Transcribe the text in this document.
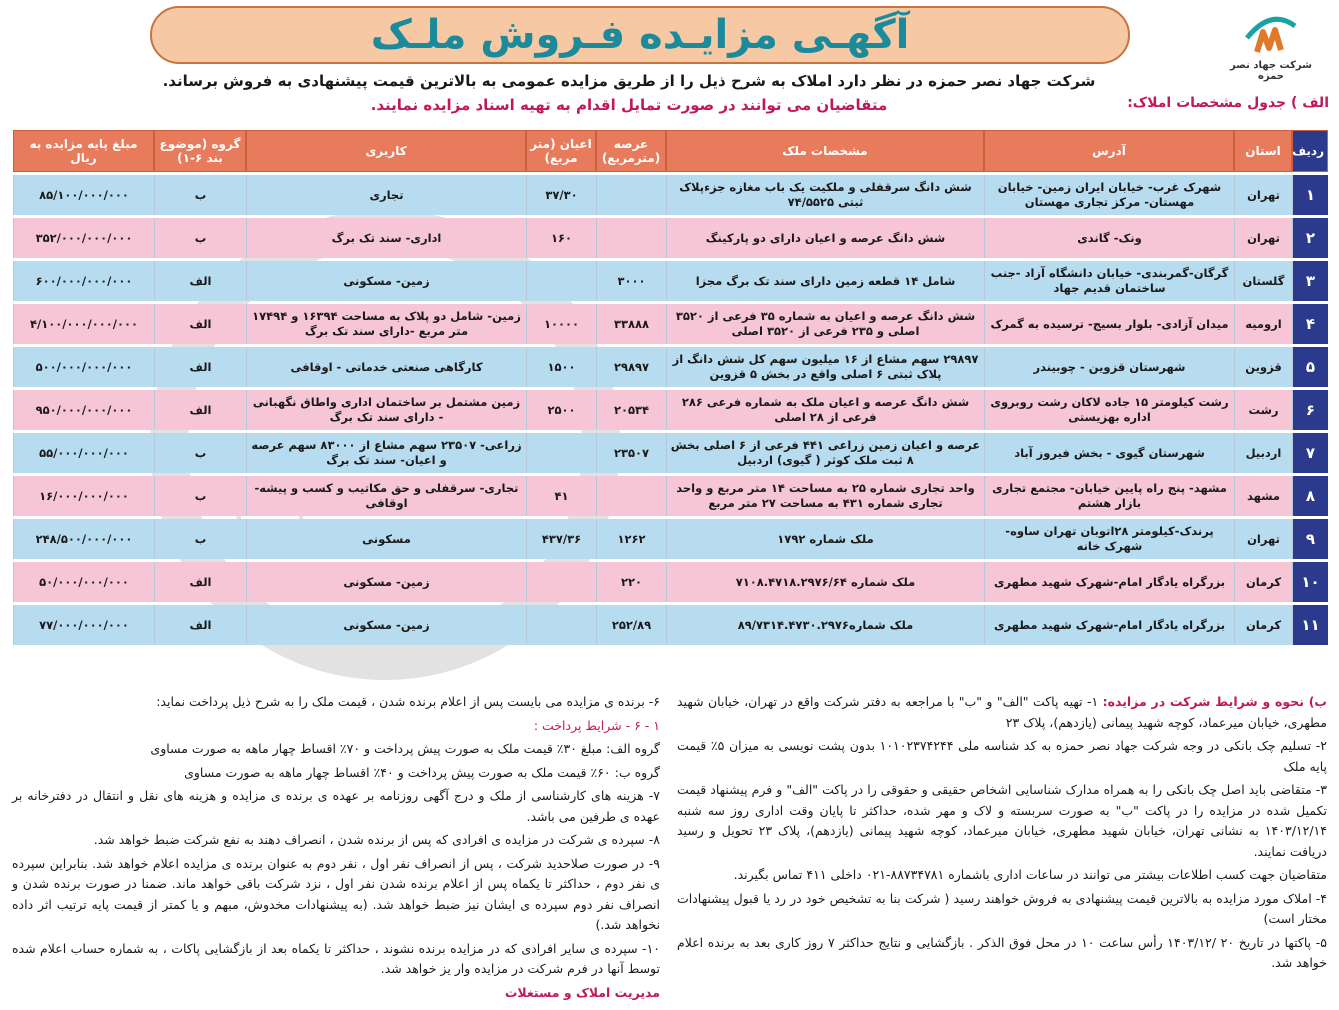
شرکت جهاد نصر حمزه
آگهـی مزایـده فـروش ملـک
شرکت جهاد نصر حمزه در نظر دارد املاک به شرح ذیل را از طریق مزایده عمومی به بالاترین قیمت پیشنهادی به فروش برساند.
متقاضیان می توانند در صورت تمایل اقدام به تهیه اسناد مزایده نمایند.	الف ) جدول مشخصات املاک:
ردیف	استان	آدرس	مشخصات ملک	عرصه (مترمربع)	اعیان (متر مربع)	کاربری	گروه (موضوع بند ۶-۱)	مبلغ پایه مزایده به ریال
۱	تهران	شهرک غرب- خیابان ایران زمین- خیابان مهستان- مرکز تجاری مهستان	شش دانگ سرقفلی و ملکیت یک باب مغازه جزءپلاک ثبتی ۷۴/۵۵۲۵		۳۷/۳۰	تجاری	ب	۸۵/۱۰۰/۰۰۰/۰۰۰
۲	تهران	ونک- گاندی	شش دانگ عرصه و اعیان دارای دو پارکینگ		۱۶۰	اداری- سند تک برگ	ب	۳۵۲/۰۰۰/۰۰۰/۰۰۰
۳	گلستان	گرگان-گمربندی- خیابان دانشگاه آزاد -جنب ساختمان قدیم جهاد	شامل ۱۴ قطعه زمین دارای سند تک برگ مجزا	۳۰۰۰		زمین- مسکونی	الف	۶۰۰/۰۰۰/۰۰۰/۰۰۰
۴	ارومیه	میدان آزادی- بلوار بسیج- ترسیده به گمرک	شش دانگ عرصه و اعیان به شماره ۳۵ فرعی از ۳۵۲۰ اصلی و ۲۳۵ فرعی از ۳۵۲۰ اصلی	۳۳۸۸۸	۱۰۰۰۰	زمین- شامل دو پلاک به مساحت ۱۶۳۹۴ و ۱۷۴۹۴ متر مربع -دارای سند تک برگ	الف	۴/۱۰۰/۰۰۰/۰۰۰/۰۰۰
۵	قزوین	شهرستان قزوین - چوبیندر	۲۹۸۹۷ سهم مشاع از ۱۶ میلیون سهم کل شش دانگ از پلاک ثبتی ۶ اصلی واقع در بخش ۵ قزوین	۲۹۸۹۷	۱۵۰۰	کارگاهی صنعتی خدماتی - اوقافی	الف	۵۰۰/۰۰۰/۰۰۰/۰۰۰
۶	رشت	رشت کیلومتر ۱۵ جاده لاکان رشت روبروی اداره بهزیستی	شش دانگ عرصه و اعیان ملک به شماره فرعی ۲۸۶ فرعی از ۲۸ اصلی	۲۰۵۳۴	۲۵۰۰	زمین مشتمل بر ساختمان اداری واطاق نگهبانی - دارای سند تک برگ	الف	۹۵۰/۰۰۰/۰۰۰/۰۰۰
۷	اردبیل	شهرستان گیوی - بخش فیروز آباد	عرصه و اعیان زمین زراعی ۴۴۱ فرعی از ۶ اصلی بخش ۸ ثبت ملک کوثر ( گیوی) اردبیل	۲۳۵۰۷		زراعی- ۲۳۵۰۷ سهم مشاع از ۸۳۰۰۰ سهم عرصه و اعیان- سند تک برگ	ب	۵۵/۰۰۰/۰۰۰/۰۰۰
۸	مشهد	مشهد- پنج راه پایین خیابان- مجتمع تجاری بازار هشتم	واحد تجاری شماره ۲۵ به مساحت ۱۴ متر مربع و واحد تجاری شماره ۴۳۱ به مساحت ۲۷ متر مربع		۴۱	تجاری- سرقفلی و حق مکاتیب و کسب و پیشه- اوقافی	ب	۱۶/۰۰۰/۰۰۰/۰۰۰
۹	تهران	پرندک-کیلومتر ۲۸اتوبان تهران ساوه- شهرک خانه	ملک شماره ۱۷۹۲	۱۲۶۲	۴۳۷/۳۶	مسکونی	ب	۲۴۸/۵۰۰/۰۰۰/۰۰۰
۱۰	کرمان	بزرگراه یادگار امام-شهرک شهید مطهری	ملک شماره ۷۱۰۸.۴۷۱۸.۲۹۷۶/۶۴	۲۲۰		زمین- مسکونی	الف	۵۰/۰۰۰/۰۰۰/۰۰۰
۱۱	کرمان	بزرگراه یادگار امام-شهرک شهید مطهری	ملک شماره۸۹/۷۳۱۴.۴۷۳۰.۲۹۷۶	۲۵۲/۸۹		زمین- مسکونی	الف	۷۷/۰۰۰/۰۰۰/۰۰۰

ب) نحوه و شرایط شرکت در مزایده: ۱- تهیه پاکت "الف" و "ب" با مراجعه به دفتر شرکت واقع در تهران، خیابان شهید مطهری، خیابان میرعماد، کوچه شهید پیمانی (یازدهم)، پلاک ۲۳

۲- تسلیم چک بانکی در وجه شرکت جهاد نصر حمزه به کد شناسه ملی ۱۰۱۰۲۳۷۴۲۴۴ بدون پشت نویسی به میزان ۵٪ قیمت پایه ملک

۳- متقاضی باید اصل چک بانکی را به همراه مدارک شناسایی اشخاص حقیقی و حقوقی را در پاکت "الف" و فرم پیشنهاد قیمت تکمیل شده در مزایده را در پاکت "ب" به صورت سربسته و لاک و مهر شده، حداکثر تا پایان وقت اداری روز سه شنبه ۱۴۰۳/۱۲/۱۴ به نشانی تهران، خیابان شهید مطهری، خیابان میرعماد، کوچه شهید پیمانی (یازدهم)، پلاک ۲۳ تحویل و رسید دریافت نمایند.

متقاضیان جهت کسب اطلاعات بیشتر می توانند در ساعات اداری باشماره ۸۸۷۳۴۷۸۱-۰۲۱ داخلی ۴۱۱ تماس بگیرند.

۴- املاک مورد مزایده به بالاترین قیمت پیشنهادی به فروش خواهند رسید ( شرکت بنا به تشخیص خود در رد یا قبول پیشنهادات مختار است)

۵- پاکتها در تاریخ ۲۰ /۱۴۰۳/۱۲ رأس ساعت ۱۰ در محل فوق الذکر . بازگشایی و نتایج حداکثر ۷ روز کاری بعد به برنده اعلام خواهد شد.

۶- برنده ی مزایده می بایست پس از اعلام برنده شدن ، قیمت ملک را به شرح ذیل پرداخت نماید:

۱ - ۶ - شرایط پرداخت :

گروه الف: مبلغ ۳۰٪ قیمت ملک به صورت پیش پرداخت و ۷۰٪ اقساط چهار ماهه به صورت مساوی

گروه ب: ۶۰٪ قیمت ملک به صورت پیش پرداخت و ۴۰٪ اقساط چهار ماهه به صورت مساوی

۷- هزینه های کارشناسی از ملک و درج آگهی روزنامه بر عهده ی برنده ی مزایده و هزینه های نقل و انتقال در دفترخانه بر عهده ی طرفین می باشد.

۸- سپرده ی شرکت در مزایده ی افرادی که پس از برنده شدن ، انصراف دهند به نفع شرکت ضبط خواهد شد.

۹- در صورت صلاحدید شرکت ، پس از انصراف نفر اول ، نفر دوم به عنوان برنده ی مزایده اعلام خواهد شد. بنابراین سپرده ی نفر دوم ، حداکثر تا یکماه پس از اعلام برنده شدن نفر اول ، نزد شرکت باقی خواهد ماند. ضمنا در صورت برنده شدن و انصراف نفر دوم سپرده ی ایشان نیز ضبط خواهد شد. (به پیشنهادات مخدوش، مبهم و یا کمتر از قیمت پایه ترتیب اثر داده نخواهد شد.)

۱۰- سپرده ی سایر افرادی که در مزایده برنده نشوند ، حداکثر تا یکماه بعد از بازگشایی پاکات ، به شماره حساب اعلام شده توسط آنها در فرم شرکت در مزایده وار یز خواهد شد.

مدیریت املاک و مستغلات
